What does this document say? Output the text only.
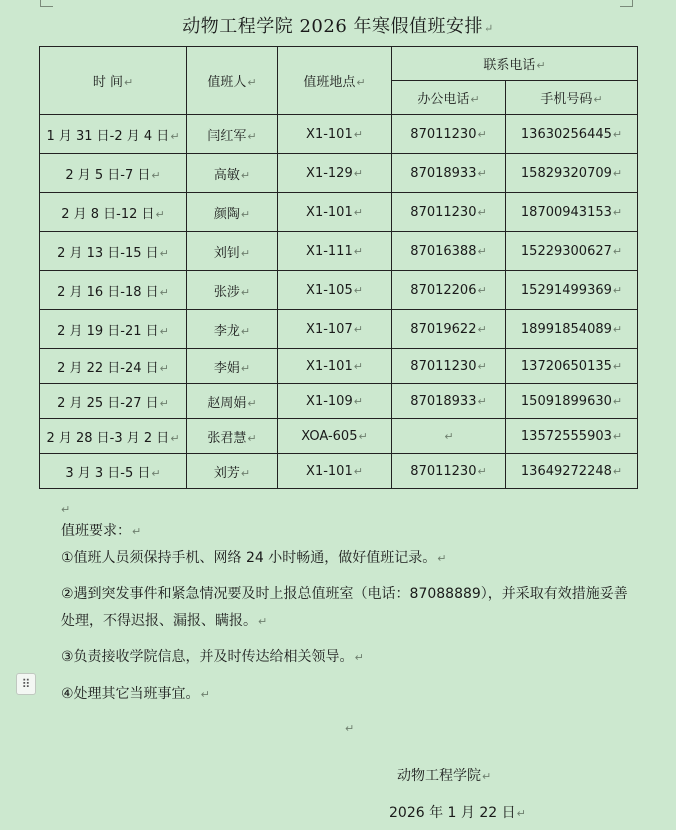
动物工程学院 2026 年寒假值班安排↵
时 间↵	值班人↵	值班地点↵	联系电话↵	
			办公电话↵	手机号码↵
1 月 31 日-2 月 4 日↵	闫红军↵	X1-101↵	87011230↵	13630256445↵
2 月 5 日-7 日↵	高敏↵	X1-129↵	87018933↵	15829320709↵
2 月 8 日-12 日↵	颜陶↵	X1-101↵	87011230↵	18700943153↵
2 月 13 日-15 日↵	刘钊↵	X1-111↵	87016388↵	15229300627↵
2 月 16 日-18 日↵	张涉↵	X1-105↵	87012206↵	15291499369↵
2 月 19 日-21 日↵	李龙↵	X1-107↵	87019622↵	18991854089↵
2 月 22 日-24 日↵	李娟↵	X1-101↵	87011230↵	13720650135↵
2 月 25 日-27 日↵	赵周娟↵	X1-109↵	87018933↵	15091899630↵
2 月 28 日-3 月 2 日↵	张君慧↵	XOA-605↵	↵	13572555903↵
3 月 3 日-5 日↵	刘芳↵	X1-101↵	87011230↵	13649272248↵
↵

值班要求：↵

①值班人员须保持手机、网络 24 小时畅通，做好值班记录。↵

②遇到突发事件和紧急情况要及时上报总值班室（电话：87088889），并采取有效措施妥善处理，不得迟报、漏报、瞒报。↵

③负责接收学院信息，并及时传达给相关领导。↵

④处理其它当班事宜。↵

⠿
↵
动物工程学院↵
2026 年 1 月 22 日↵
